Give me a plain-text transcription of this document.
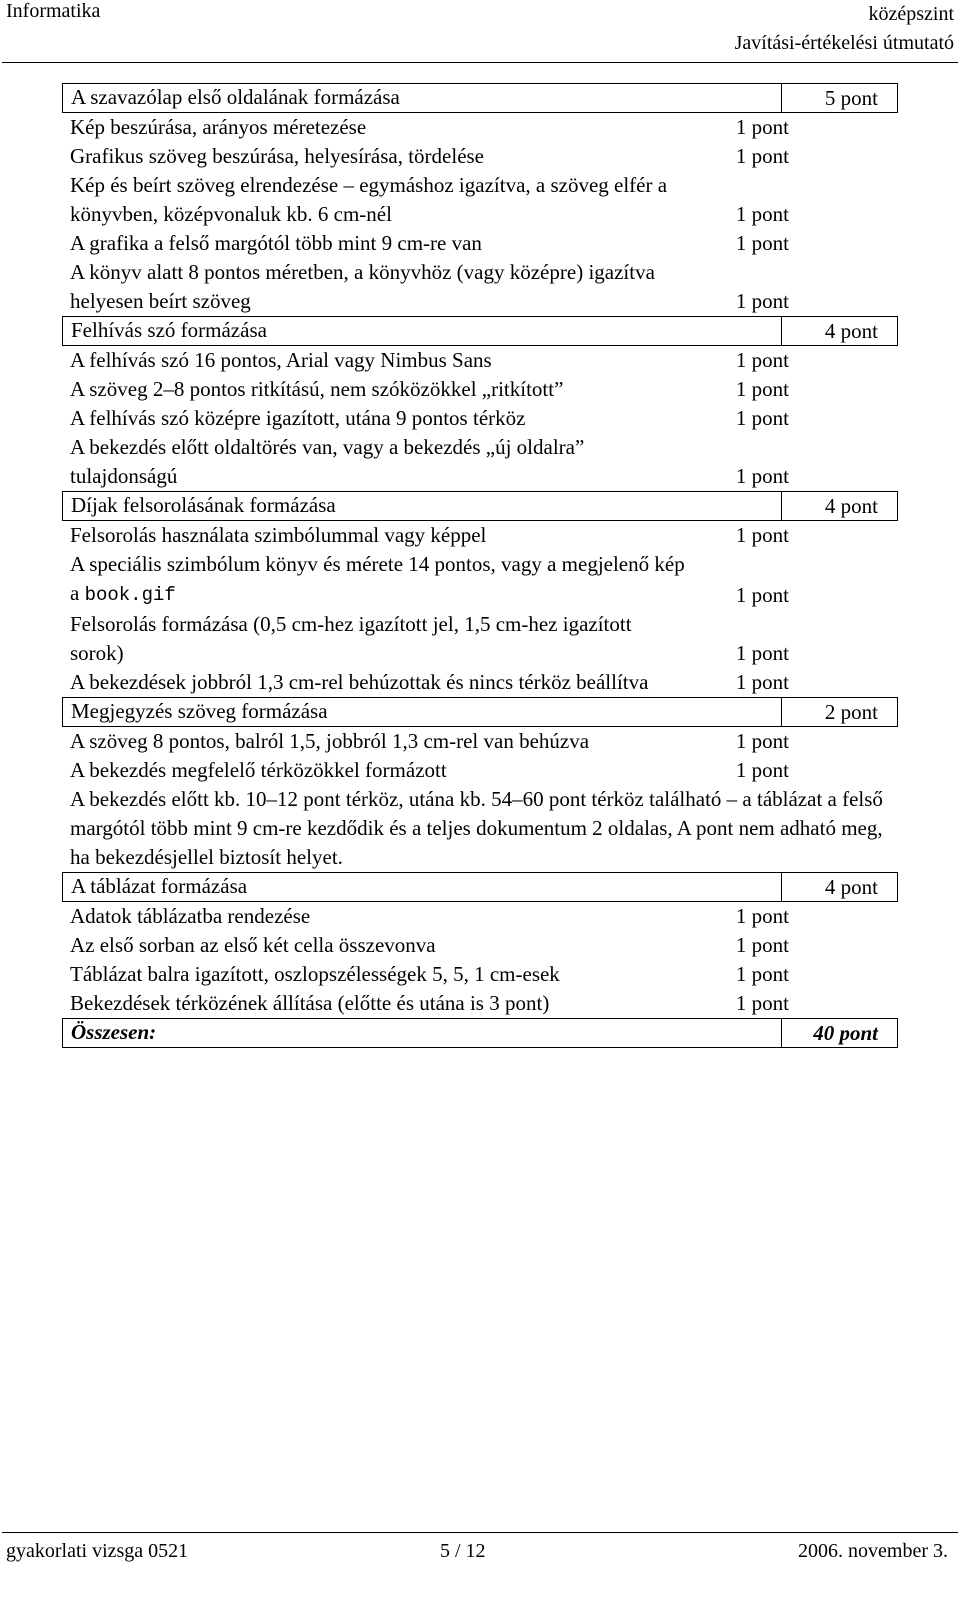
Informatika	középszint
Javítási-értékelési útmutató
A szavazólap első oldalának formázása	5 pont
Kép beszúrása, arányos méretezése	1 pont
Grafikus szöveg beszúrása, helyesírása, tördelése	1 pont
Kép és beírt szöveg elrendezése – egymáshoz igazítva, a szöveg elfér a könyvben, középvonaluk kb. 6 cm-nél	1 pont
A grafika a felső margótól több mint 9 cm-re van	1 pont
A könyv alatt 8 pontos méretben, a könyvhöz (vagy középre) igazítva helyesen beírt szöveg	1 pont
Felhívás szó formázása	4 pont
A felhívás szó 16 pontos, Arial vagy Nimbus Sans	1 pont
A szöveg 2–8 pontos ritkítású, nem szóközökkel „ritkított”	1 pont
A felhívás szó középre igazított, utána 9 pontos térköz	1 pont
A bekezdés előtt oldaltörés van, vagy a bekezdés „új oldalra” tulajdonságú	1 pont
Díjak felsorolásának formázása	4 pont
Felsorolás használata szimbólummal vagy képpel	1 pont
A speciális szimbólum könyv és mérete 14 pontos, vagy a megjelenő kép a book.gif	1 pont
Felsorolás formázása (0,5 cm-hez igazított jel, 1,5 cm-hez igazított sorok)	1 pont
A bekezdések jobbról 1,3 cm-rel behúzottak és nincs térköz beállítva	1 pont
Megjegyzés szöveg formázása	2 pont
A szöveg 8 pontos, balról 1,5, jobbról 1,3 cm-rel van behúzva	1 pont
A bekezdés megfelelő térközökkel formázott	1 pont
A bekezdés előtt kb. 10–12 pont térköz, utána kb. 54–60 pont térköz található – a táblázat a felső margótól több mint 9 cm-re kezdődik és a teljes dokumentum 2 oldalas, A pont nem adható meg, ha bekezdésjellel biztosít helyet.
A táblázat formázása	4 pont
Adatok táblázatba rendezése	1 pont
Az első sorban az első két cella összevonva	1 pont
Táblázat balra igazított, oszlopszélességek 5, 5, 1 cm-esek	1 pont
Bekezdések térközének állítása (előtte és utána is 3 pont)	1 pont
Összesen:	40 pont
gyakorlati vizsga 0521	5 / 12	2006. november 3.
